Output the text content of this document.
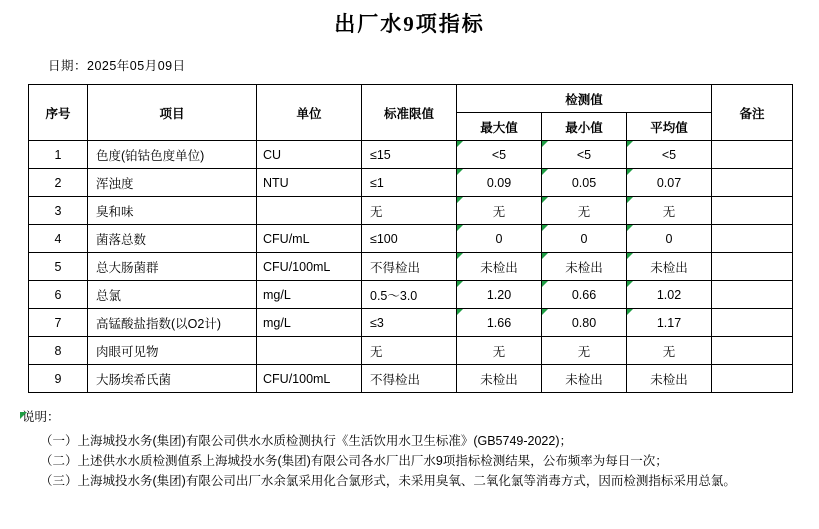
出厂水9项指标
日期：2025年05月09日
序号	项目	单位	标准限值	检测值			备注
				最大值	最小值	平均值	
1	色度(铂钴色度单位)	CU	≤15	<5	<5	<5	
2	浑浊度	NTU	≤1	0.09	0.05	0.07	
3	臭和味		无	无	无	无	
4	菌落总数	CFU/mL	≤100	0	0	0	
5	总大肠菌群	CFU/100mL	不得检出	未检出	未检出	未检出	
6	总氯	mg/L	0.5～3.0	1.20	0.66	1.02	
7	高锰酸盐指数(以O2计)	mg/L	≤3	1.66	0.80	1.17	
8	肉眼可见物		无	无	无	无	
9	大肠埃希氏菌	CFU/100mL	不得检出	未检出	未检出	未检出	
说明：
（一）上海城投水务(集团)有限公司供水水质检测执行《生活饮用水卫生标准》(GB5749-2022)；
（二）上述供水水质检测值系上海城投水务(集团)有限公司各水厂出厂水9项指标检测结果，公布频率为每日一次；
（三）上海城投水务(集团)有限公司出厂水余氯采用化合氯形式，未采用臭氧、二氧化氯等消毒方式，因而检测指标采用总氯。
